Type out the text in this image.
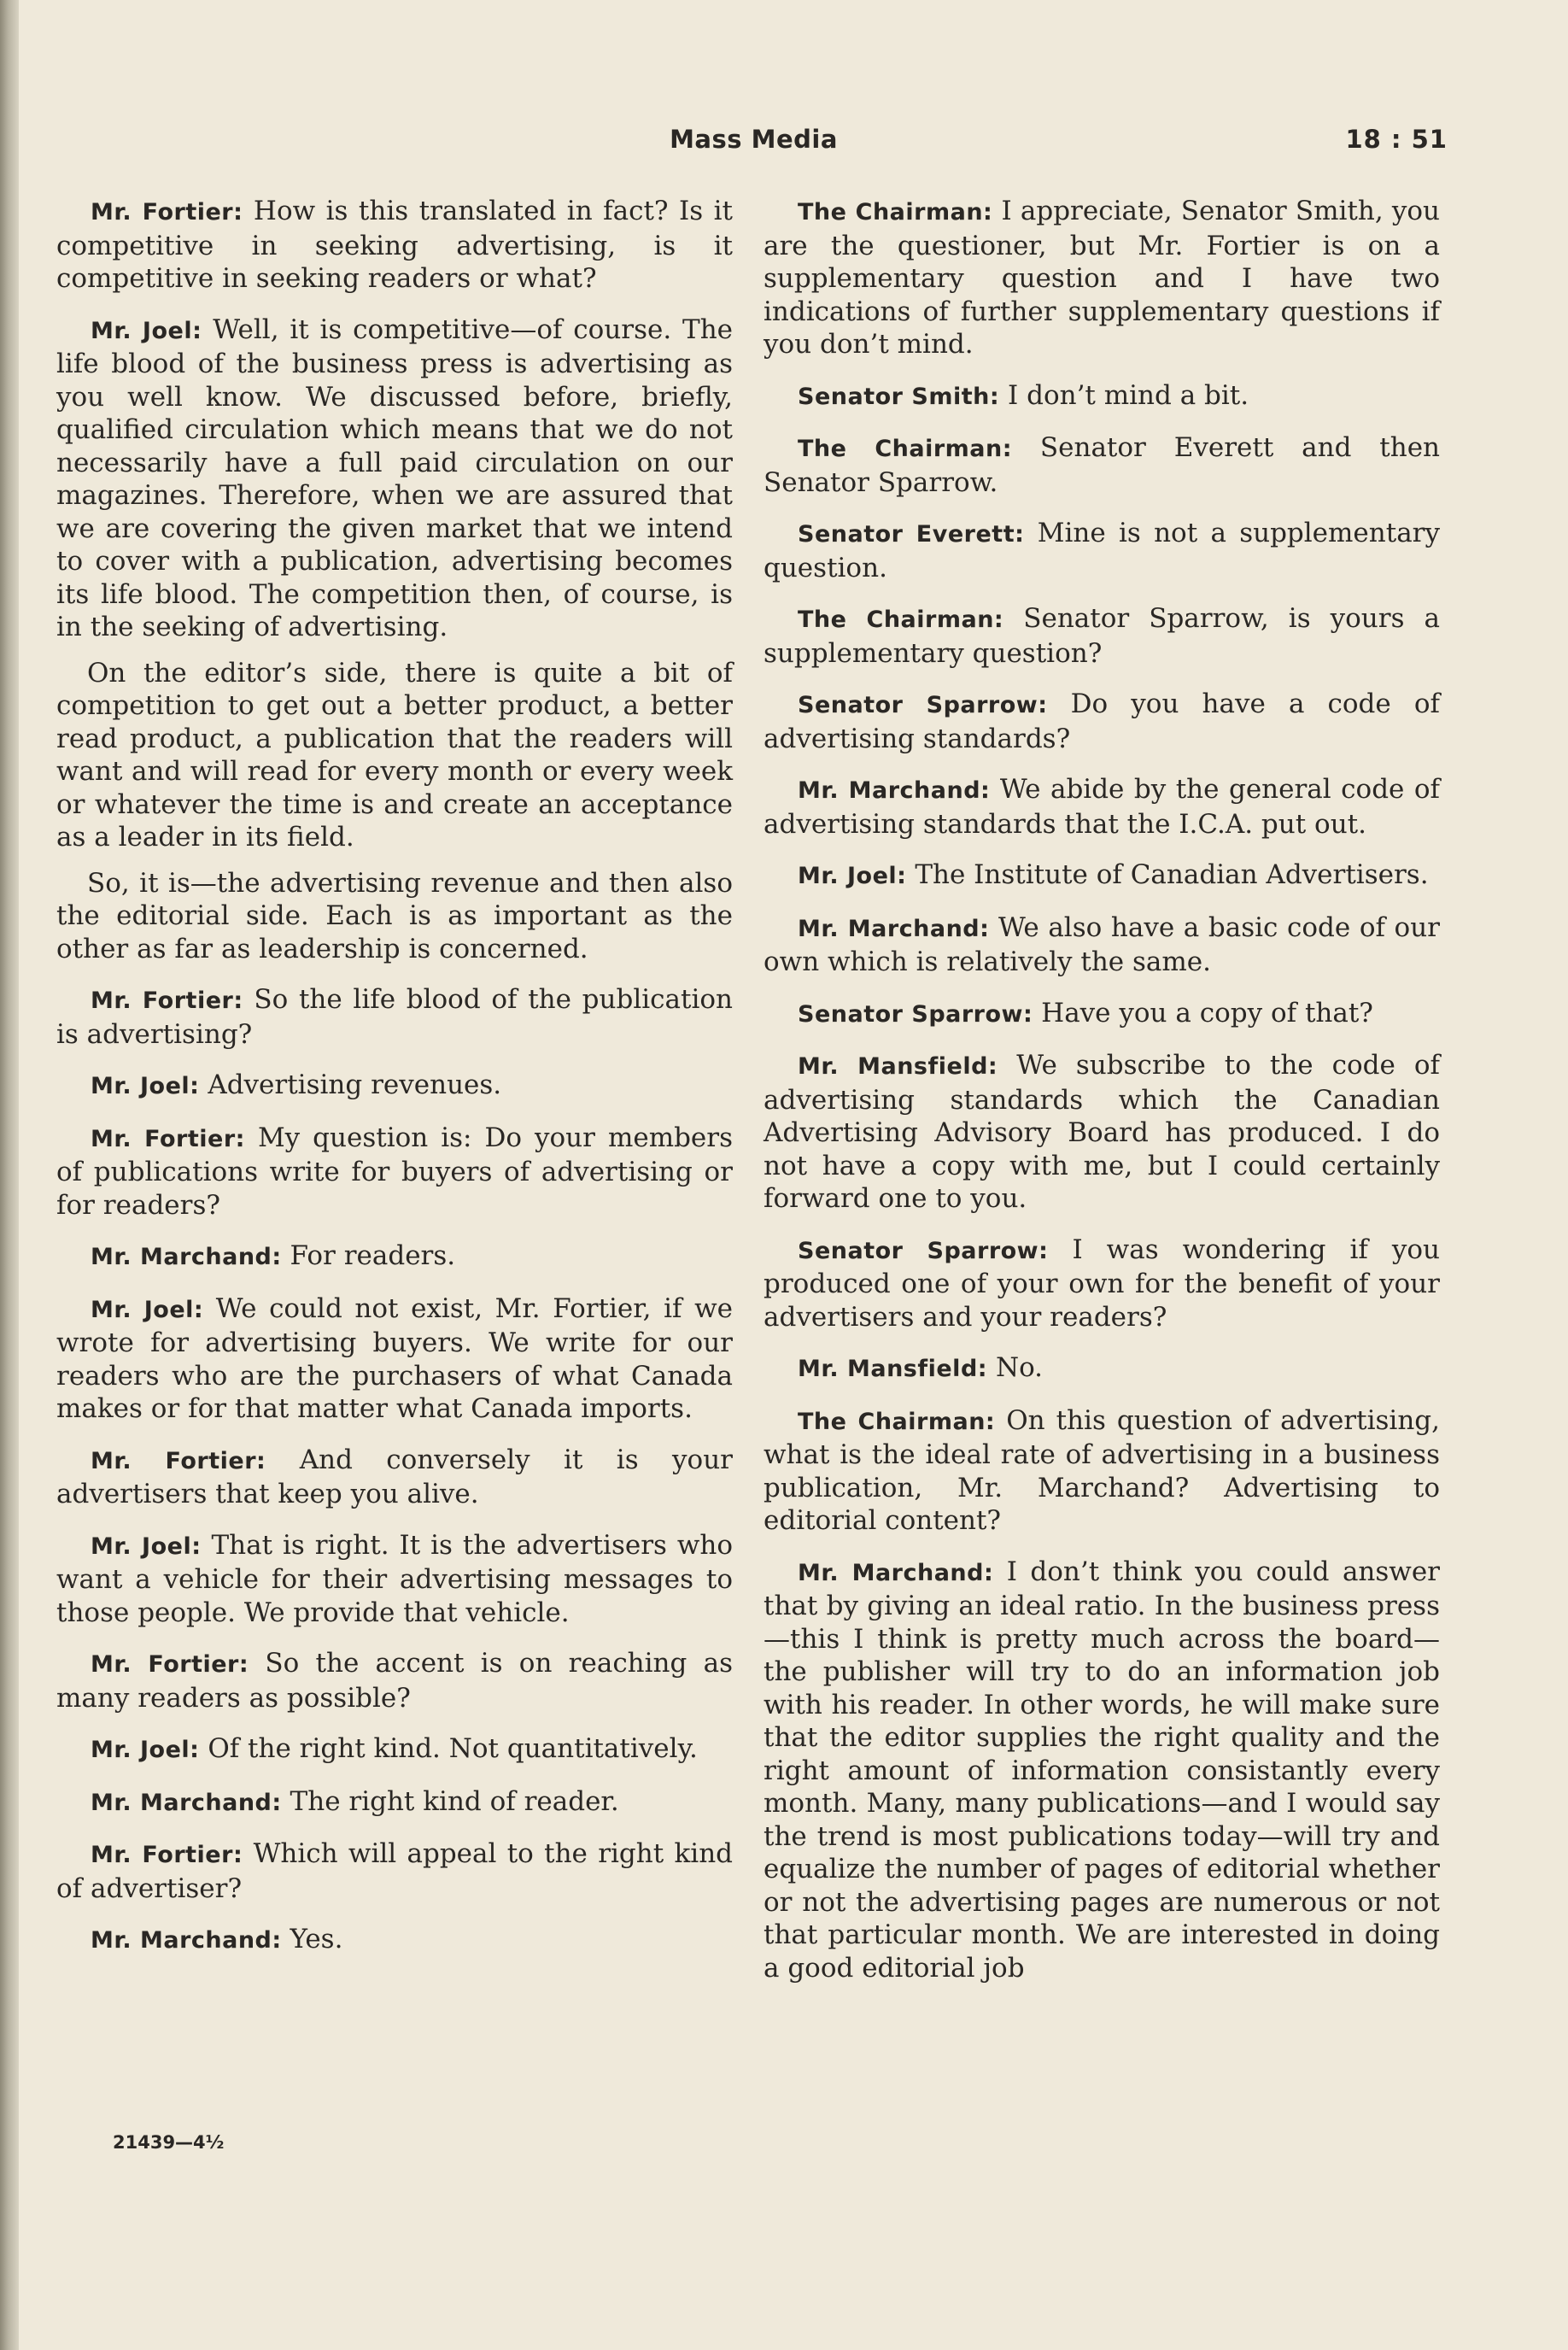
Mass Media	18 : 51

Mr. Fortier: How is this translated in fact? Is it competitive in seeking advertising, is it competitive in seeking readers or what?

Mr. Joel: Well, it is competitive—of course. The life blood of the business press is advertising as you well know. We discussed before, briefly, qualified circulation which means that we do not necessarily have a full paid circulation on our magazines. Therefore, when we are assured that we are covering the given market that we intend to cover with a publication, advertising becomes its life blood. The competition then, of course, is in the seeking of advertising.

On the editor’s side, there is quite a bit of competition to get out a better product, a better read product, a publication that the readers will want and will read for every month or every week or whatever the time is and create an acceptance as a leader in its field.

So, it is—the advertising revenue and then also the editorial side. Each is as important as the other as far as leadership is concerned.

Mr. Fortier: So the life blood of the publication is advertising?

Mr. Joel: Advertising revenues.

Mr. Fortier: My question is: Do your members of publications write for buyers of advertising or for readers?

Mr. Marchand: For readers.

Mr. Joel: We could not exist, Mr. Fortier, if we wrote for advertising buyers. We write for our readers who are the purchasers of what Canada makes or for that matter what Canada imports.

Mr. Fortier: And conversely it is your advertisers that keep you alive.

Mr. Joel: That is right. It is the advertisers who want a vehicle for their advertising messages to those people. We provide that vehicle.

Mr. Fortier: So the accent is on reaching as many readers as possible?

Mr. Joel: Of the right kind. Not quantitatively.

Mr. Marchand: The right kind of reader.

Mr. Fortier: Which will appeal to the right kind of advertiser?

Mr. Marchand: Yes.

The Chairman: I appreciate, Senator Smith, you are the questioner, but Mr. Fortier is on a supplementary question and I have two indications of further supplementary questions if you don’t mind.

Senator Smith: I don’t mind a bit.

The Chairman: Senator Everett and then Senator Sparrow.

Senator Everett: Mine is not a supplementary question.

The Chairman: Senator Sparrow, is yours a supplementary question?

Senator Sparrow: Do you have a code of advertising standards?

Mr. Marchand: We abide by the general code of advertising standards that the I.C.A. put out.

Mr. Joel: The Institute of Canadian Advertisers.

Mr. Marchand: We also have a basic code of our own which is relatively the same.

Senator Sparrow: Have you a copy of that?

Mr. Mansfield: We subscribe to the code of advertising standards which the Canadian Advertising Advisory Board has produced. I do not have a copy with me, but I could certainly forward one to you.

Senator Sparrow: I was wondering if you produced one of your own for the benefit of your advertisers and your readers?

Mr. Mansfield: No.

The Chairman: On this question of advertising, what is the ideal rate of advertising in a business publication, Mr. Marchand? Advertising to editorial content?

Mr. Marchand: I don’t think you could answer that by giving an ideal ratio. In the business press—this I think is pretty much across the board—the publisher will try to do an information job with his reader. In other words, he will make sure that the editor supplies the right quality and the right amount of information consistantly every month. Many, many publications—and I would say the trend is most publications today—will try and equalize the number of pages of editorial whether or not the advertising pages are numerous or not that particular month. We are interested in doing a good editorial job

21439—4½
